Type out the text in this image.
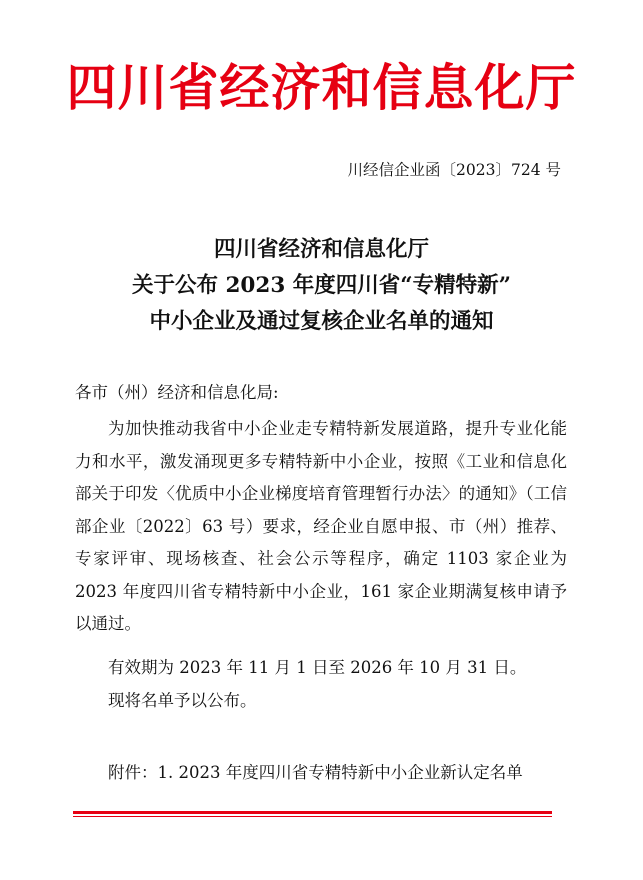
四川省经济和信息化厅
川经信企业函〔2023〕724 号
四川省经济和信息化厅
关于公布 2023 年度四川省“专精特新”
中小企业及通过复核企业名单的通知
各市（州）经济和信息化局:
为加快推动我省中小企业走专精特新发展道路，提升专业化能力和水平，激发涌现更多专精特新中小企业，按照《工业和信息化部关于印发〈优质中小企业梯度培育管理暂行办法〉的通知》（工信部企业〔2022〕63 号）要求，经企业自愿申报、市（州）推荐、专家评审、现场核查、社会公示等程序，确定 1103 家企业为 2023 年度四川省专精特新中小企业，161 家企业期满复核申请予以通过。
有效期为 2023 年 11 月 1 日至 2026 年 10 月 31 日。
现将名单予以公布。
附件：1. 2023 年度四川省专精特新中小企业新认定名单
